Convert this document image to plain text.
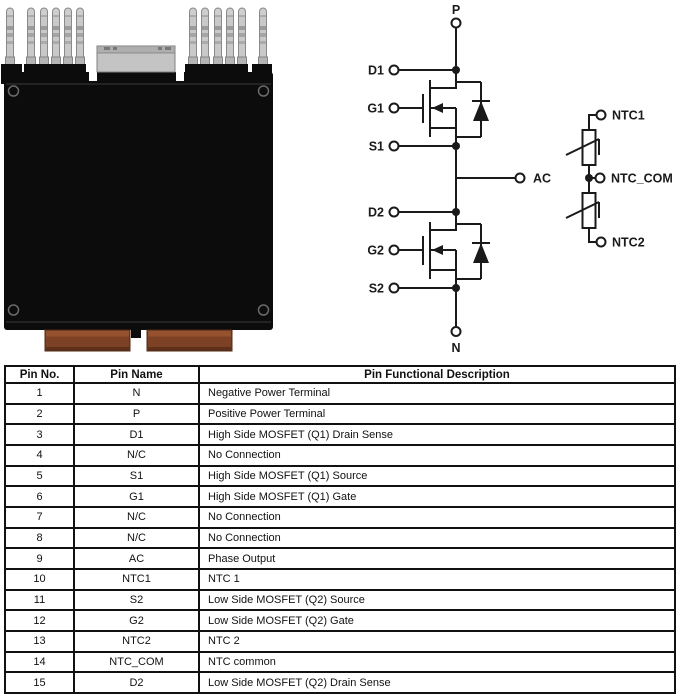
P
D1
G1
S1
AC
D2
G2
S2
N
NTC1
NTC_COM
NTC2
Pin No.	Pin Name	Pin Functional Description
1	N	Negative Power Terminal
2	P	Positive Power Terminal
3	D1	High Side MOSFET (Q1) Drain Sense
4	N/C	No Connection
5	S1	High Side MOSFET (Q1) Source
6	G1	High Side MOSFET (Q1) Gate
7	N/C	No Connection
8	N/C	No Connection
9	AC	Phase Output
10	NTC1	NTC 1
11	S2	Low Side MOSFET (Q2) Source
12	G2	Low Side MOSFET (Q2) Gate
13	NTC2	NTC 2
14	NTC_COM	NTC common
15	D2	Low Side MOSFET (Q2) Drain Sense
